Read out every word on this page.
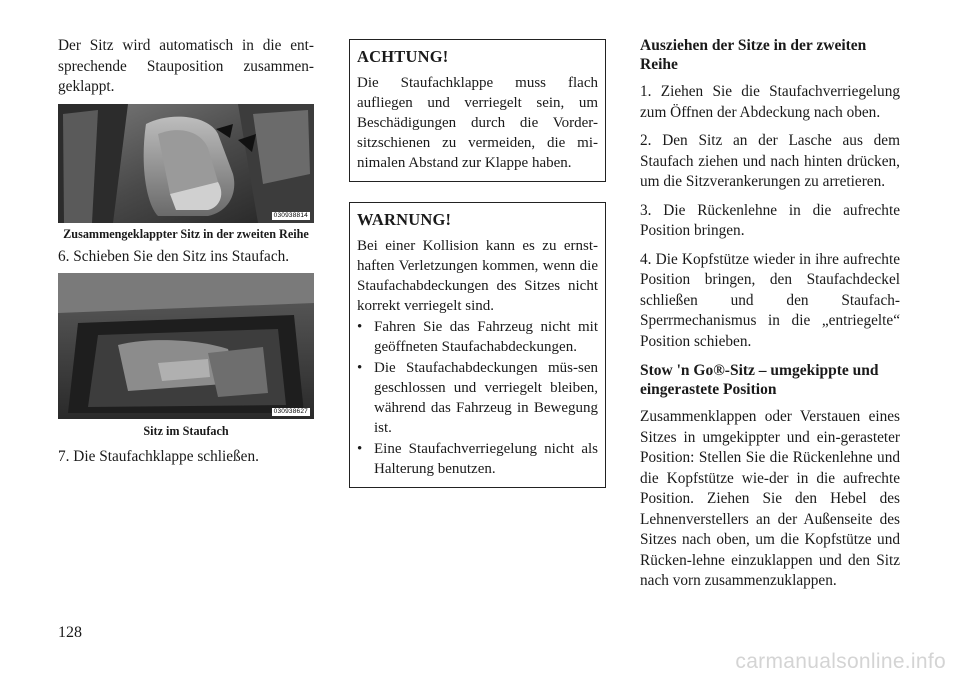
Der Sitz wird automatisch in die ent-sprechende Stauposition zusammen-geklappt.

030938814
Zusammengeklappter Sitz in der zweiten Reihe

6. Schieben Sie den Sitz ins Staufach.

030938627
Sitz im Staufach

7. Die Staufachklappe schließen.

ACHTUNG!

Die Staufachklappe muss flach aufliegen und verriegelt sein, um Beschädigungen durch die Vorder-sitzschienen zu vermeiden, die mi-nimalen Abstand zur Klappe haben.

WARNUNG!

Bei einer Kollision kann es zu ernst-haften Verletzungen kommen, wenn die Staufachabdeckungen des Sitzes nicht korrekt verriegelt sind.

• Fahren Sie das Fahrzeug nicht mit geöffneten Staufachabdeckungen.
• Die Staufachabdeckungen müs-sen geschlossen und verriegelt bleiben, während das Fahrzeug in Bewegung ist.
• Eine Staufachverriegelung nicht als Halterung benutzen.
Ausziehen der Sitze in der zweiten Reihe

1. Ziehen Sie die Staufachverriegelung zum Öffnen der Abdeckung nach oben.

2. Den Sitz an der Lasche aus dem Staufach ziehen und nach hinten drücken, um die Sitzverankerungen zu arretieren.

3. Die Rückenlehne in die aufrechte Position bringen.

4. Die Kopfstütze wieder in ihre aufrechte Position bringen, den Staufachdeckel schließen und den Staufach-Sperrmechanismus in die „entriegelte“ Position schieben.

Stow 'n Go®-Sitz – umgekippte und eingerastete Position

Zusammenklappen oder Verstauen eines Sitzes in umgekippter und ein-gerasteter Position: Stellen Sie die Rückenlehne und die Kopfstütze wie-der in die aufrechte Position. Ziehen Sie den Hebel des Lehnenverstellers an der Außenseite des Sitzes nach oben, um die Kopfstütze und Rücken-lehne einzuklappen und den Sitz nach vorn zusammenzuklappen.

128
carmanualsonline.info
